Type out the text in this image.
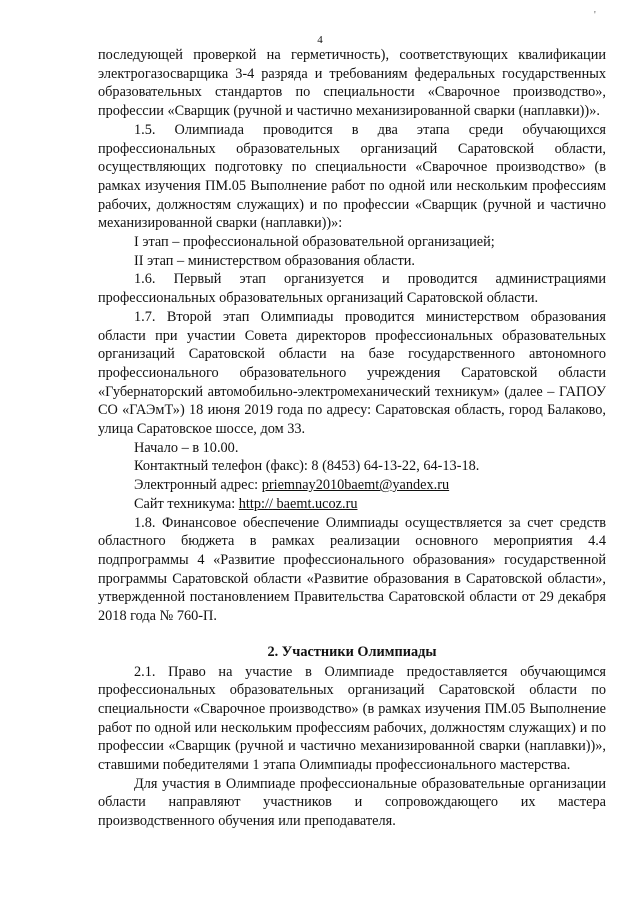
'
4

последующей проверкой на герметичность), соответствующих квалификации электрогазосварщика 3-4 разряда и требованиям федеральных государственных образовательных стандартов по специальности «Сварочное производство», профессии «Сварщик (ручной и частично механизированной сварки (наплавки))».

1.5. Олимпиада проводится в два этапа среди обучающихся профессиональных образовательных организаций Саратовской области, осуществляющих подготовку по специальности «Сварочное производство» (в рамках изучения ПМ.05 Выполнение работ по одной или нескольким профессиям рабочих, должностям служащих) и по профессии «Сварщик (ручной и частично механизированной сварки (наплавки))»:

I этап – профессиональной образовательной организацией;

II этап – министерством образования области.

1.6. Первый этап организуется и проводится администрациями профессиональных образовательных организаций Саратовской области.

1.7. Второй этап Олимпиады проводится министерством образования области при участии Совета директоров профессиональных образовательных организаций Саратовской области на базе государственного автономного профессионального образовательного учреждения Саратовской области «Губернаторский автомобильно-электромеханический техникум» (далее – ГАПОУ СО «ГАЭмТ») 18 июня 2019 года по адресу: Саратовская область, город Балаково, улица Саратовское шоссе, дом 33.

Начало – в 10.00.

Контактный телефон (факс): 8 (8453) 64-13-22, 64-13-18.

Электронный адрес: priemnay2010baemt@yandex.ru

Сайт техникума: http:// baemt.ucoz.ru

1.8. Финансовое обеспечение Олимпиады осуществляется за счет средств областного бюджета в рамках реализации основного мероприятия 4.4 подпрограммы 4 «Развитие профессионального образования» государственной программы Саратовской области «Развитие образования в Саратовской области», утвержденной постановлением Правительства Саратовской области от 29 декабря 2018 года № 760-П.

2. Участники Олимпиады

2.1. Право на участие в Олимпиаде предоставляется обучающимся профессиональных образовательных организаций Саратовской области по специальности «Сварочное производство» (в рамках изучения ПМ.05 Выполнение работ по одной или нескольким профессиям рабочих, должностям служащих) и по профессии «Сварщик (ручной и частично механизированной сварки (наплавки))», ставшими победителями 1 этапа Олимпиады профессионального мастерства.

Для участия в Олимпиаде профессиональные образовательные организации области направляют участников и сопровождающего их мастера производственного обучения или преподавателя.
